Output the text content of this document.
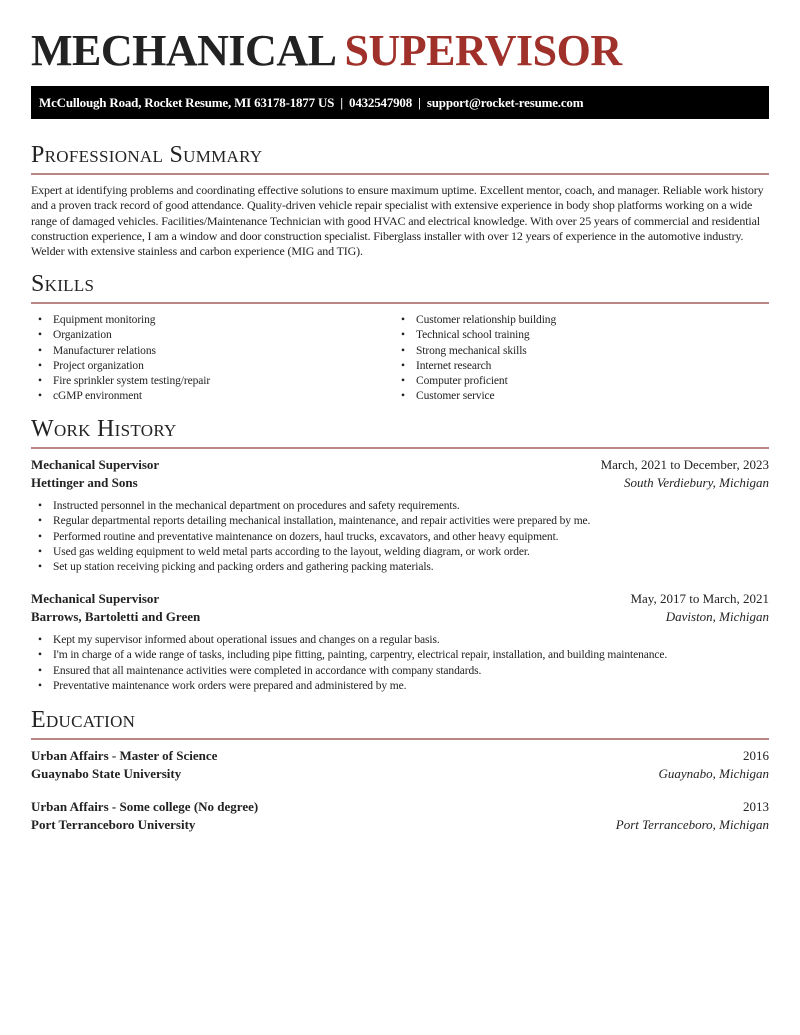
MECHANICAL SUPERVISOR
McCullough Road, Rocket Resume, MI 63178-1877 US  |  0432547908  |  support@rocket-resume.com
Professional Summary
Expert at identifying problems and coordinating effective solutions to ensure maximum uptime. Excellent mentor, coach, and manager. Reliable work history and a proven track record of good attendance. Quality-driven vehicle repair specialist with extensive experience in body shop platforms working on a wide range of damaged vehicles. Facilities/Maintenance Technician with good HVAC and electrical knowledge. With over 25 years of commercial and residential construction experience, I am a window and door construction specialist. Fiberglass installer with over 12 years of experience in the automotive industry. Welder with extensive stainless and carbon experience (MIG and TIG).
Skills
• Equipment monitoring
• Organization
• Manufacturer relations
• Project organization
• Fire sprinkler system testing/repair
• cGMP environment
• Customer relationship building
• Technical school training
• Strong mechanical skills
• Internet research
• Computer proficient
• Customer service
Work History
Mechanical Supervisor	March, 2021 to December, 2023
Hettinger and Sons	South Verdiebury, Michigan
• Instructed personnel in the mechanical department on procedures and safety requirements.
• Regular departmental reports detailing mechanical installation, maintenance, and repair activities were prepared by me.
• Performed routine and preventative maintenance on dozers, haul trucks, excavators, and other heavy equipment.
• Used gas welding equipment to weld metal parts according to the layout, welding diagram, or work order.
• Set up station receiving picking and packing orders and gathering packing materials.
Mechanical Supervisor	May, 2017 to March, 2021
Barrows, Bartoletti and Green	Daviston, Michigan
• Kept my supervisor informed about operational issues and changes on a regular basis.
• I'm in charge of a wide range of tasks, including pipe fitting, painting, carpentry, electrical repair, installation, and building maintenance.
• Ensured that all maintenance activities were completed in accordance with company standards.
• Preventative maintenance work orders were prepared and administered by me.
Education
Urban Affairs - Master of Science	2016
Guaynabo State University	Guaynabo, Michigan
Urban Affairs - Some college (No degree)	2013
Port Terranceboro University	Port Terranceboro, Michigan
